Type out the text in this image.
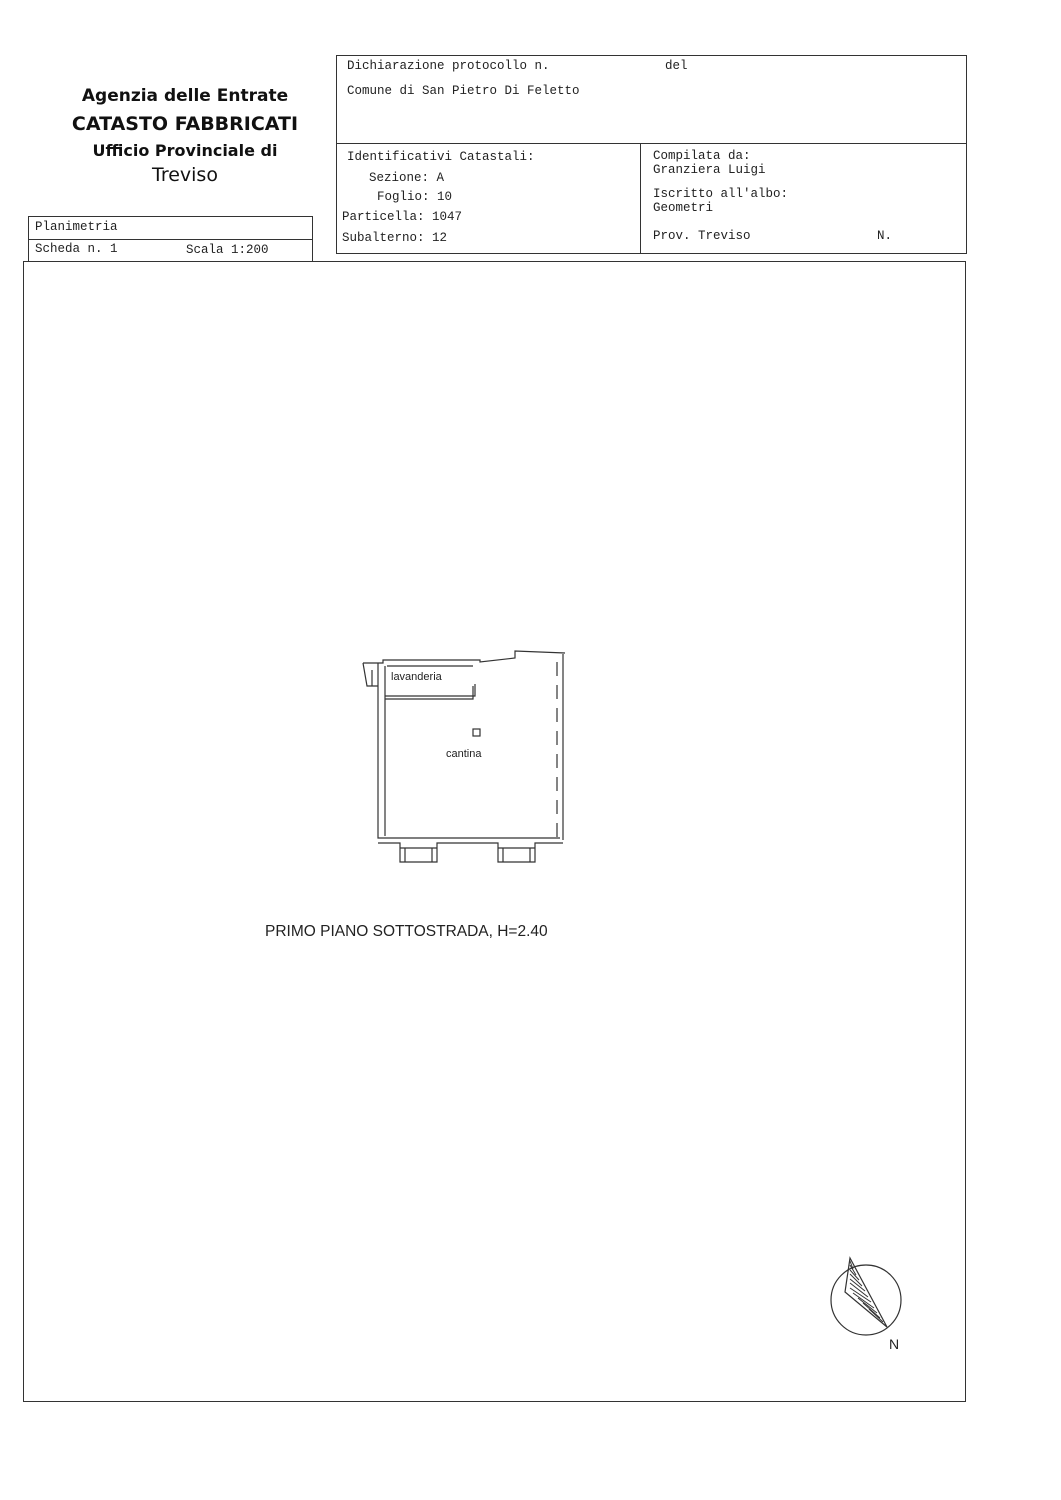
Agenzia delle Entrate
CATASTO FABBRICATI
Ufficio Provinciale di
Treviso
Dichiarazione protocollo n.	del
Comune di San Pietro Di Feletto
Identificativi Catastali:
Sezione: A
Foglio: 10
Particella: 1047
Subalterno: 12
Compilata da:
Granziera Luigi
Iscritto all'albo:
Geometri
Prov. Treviso	N.
Planimetria
Scheda n. 1	Scala 1:200
lavanderia
cantina
PRIMO PIANO SOTTOSTRADA, H=2.40
N
